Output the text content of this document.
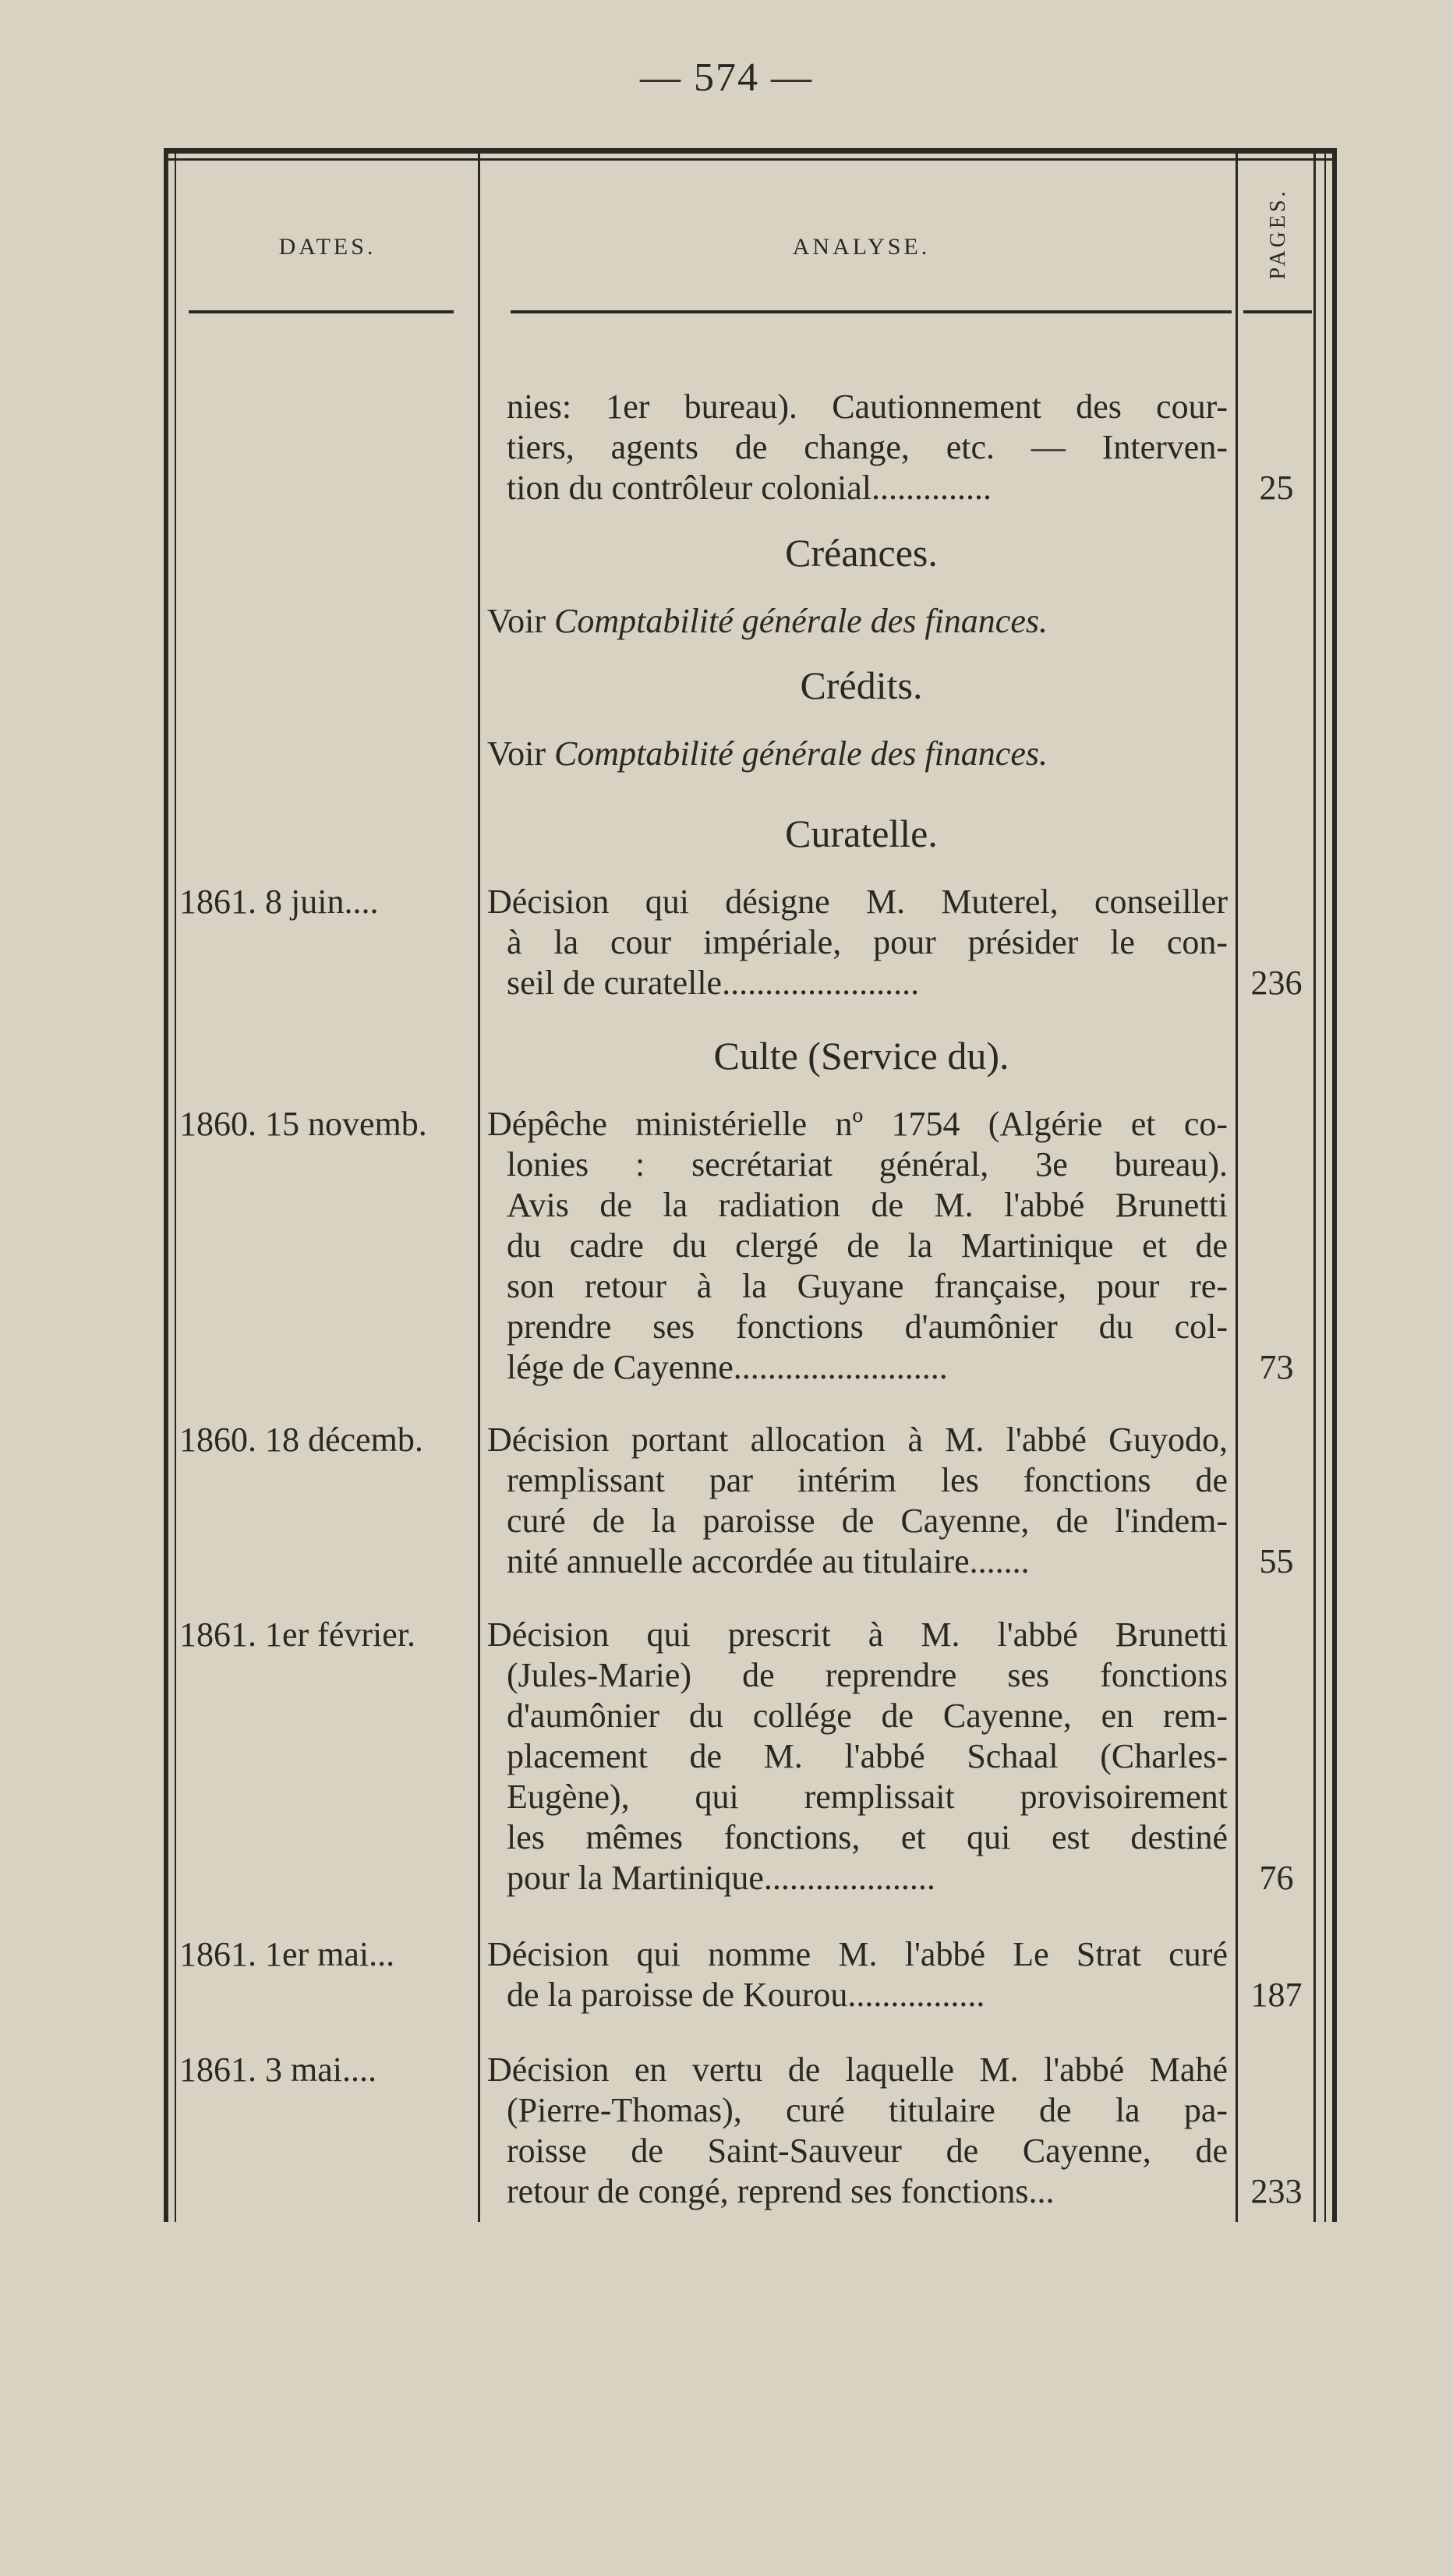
— 574 —
DATES.	ANALYSE.	PAGES.
nies: 1er bureau). Cautionnement des cour-
tiers, agents de change, etc. — Interven-
tion du contrôleur colonial..............	25
Créances.
Voir Comptabilité générale des finances.
Crédits.
Voir Comptabilité générale des finances.
Curatelle.
1861. 8 juin....	Décision qui désigne M. Muterel, conseiller
à la cour impériale, pour présider le con-
seil de curatelle.......................	236
Culte (Service du).
1860. 15 novemb.	Dépêche ministérielle nº 1754 (Algérie et co-
lonies : secrétariat général, 3e bureau).
Avis de la radiation de M. l'abbé Brunetti
du cadre du clergé de la Martinique et de
son retour à la Guyane française, pour re-
prendre ses fonctions d'aumônier du col-
lége de Cayenne.........................	73
1860. 18 décemb.	Décision portant allocation à M. l'abbé Guyodo,
remplissant par intérim les fonctions de
curé de la paroisse de Cayenne, de l'indem-
nité annuelle accordée au titulaire.......	55
1861. 1er février.	Décision qui prescrit à M. l'abbé Brunetti
(Jules-Marie) de reprendre ses fonctions
d'aumônier du collége de Cayenne, en rem-
placement de M. l'abbé Schaal (Charles-
Eugène), qui remplissait provisoirement
les mêmes fonctions, et qui est destiné
pour la Martinique....................	76
1861. 1er mai...	Décision qui nomme M. l'abbé Le Strat curé
de la paroisse de Kourou................	187
1861. 3 mai....	Décision en vertu de laquelle M. l'abbé Mahé
(Pierre-Thomas), curé titulaire de la pa-
roisse de Saint-Sauveur de Cayenne, de
retour de congé, reprend ses fonctions...	233
